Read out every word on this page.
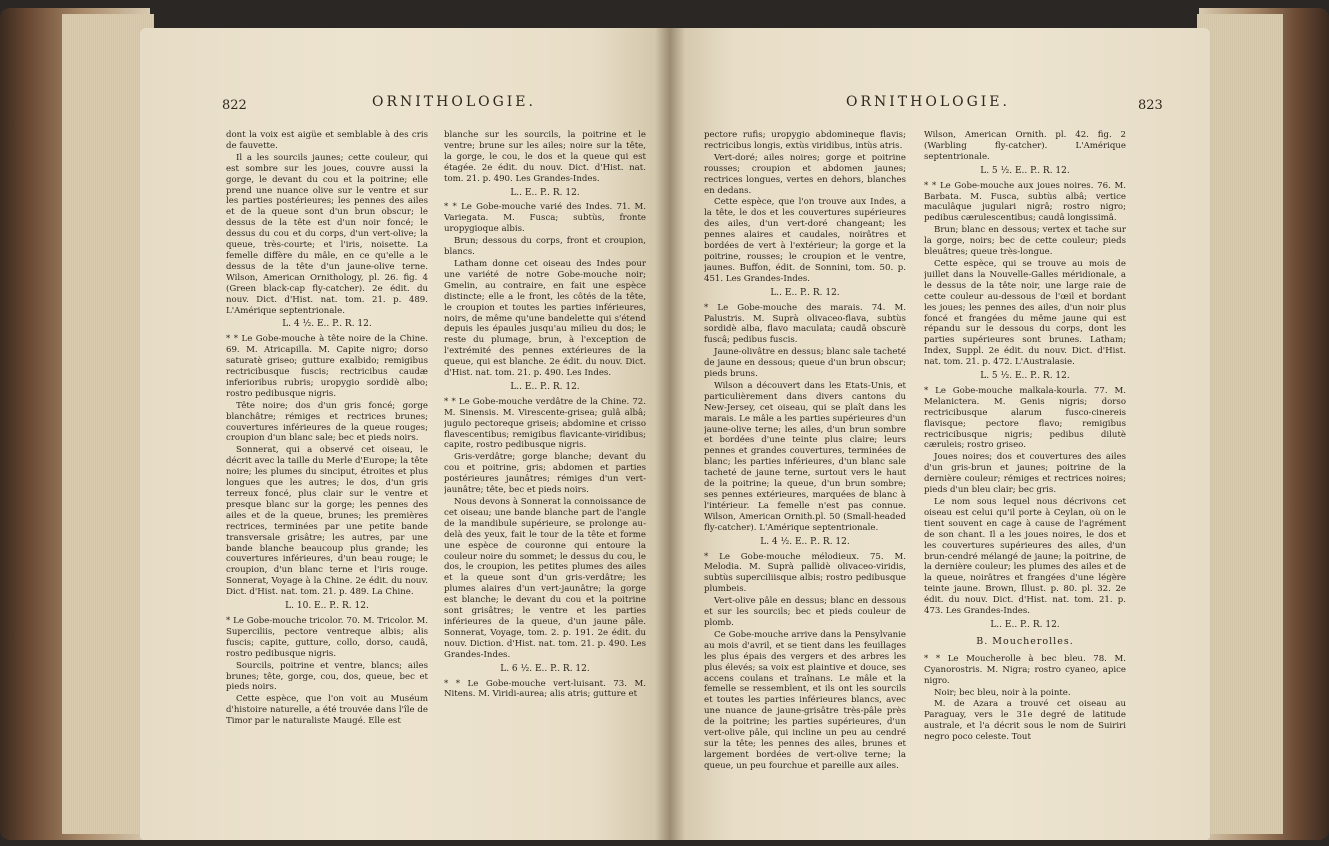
822	ORNITHOLOGIE.

dont la voix est aigüe et semblable à des cris de fauvette.

Il a les sourcils jaunes; cette couleur, qui est sombre sur les joues, couvre aussi la gorge, le devant du cou et la poitrine; elle prend une nuance olive sur le ventre et sur les parties postérieures; les pennes des ailes et de la queue sont d'un brun obscur; le dessus de la tête est d'un noir foncé; le dessus du cou et du corps, d'un vert-olive; la queue, très-courte; et l'iris, noisette. La femelle diffère du mâle, en ce qu'elle a le dessus de la tête d'un jaune-olive terne. Wilson, American Ornithology, pl. 26. fig. 4 (Green black-cap fly-catcher). 2e édit. du nouv. Dict. d'Hist. nat. tom. 21. p. 489. L'Amérique septentrionale.

L. 4 ½. E.. P.. R. 12.

* * Le Gobe-mouche à tête noire de la Chine. 69. M. Atricapilla. M. Capite nigro; dorso saturatè griseo; gutture exalbido; remigibus rectricibusque fuscis; rectricibus caudæ inferioribus rubris; uropygio sordidè albo; rostro pedibusque nigris.

Tête noire; dos d'un gris foncé; gorge blanchâtre; rémiges et rectrices brunes; couvertures inférieures de la queue rouges; croupion d'un blanc sale; bec et pieds noirs.

Sonnerat, qui a observé cet oiseau, le décrit avec la taille du Merle d'Europe; la tête noire; les plumes du sinciput, étroites et plus longues que les autres; le dos, d'un gris terreux foncé, plus clair sur le ventre et presque blanc sur la gorge; les pennes des ailes et de la queue, brunes; les premières rectrices, terminées par une petite bande transversale grisâtre; les autres, par une bande blanche beaucoup plus grande; les couvertures inférieures, d'un beau rouge; le croupion, d'un blanc terne et l'iris rouge. Sonnerat, Voyage à la Chine. 2e édit. du nouv. Dict. d'Hist. nat. tom. 21. p. 489. La Chine.

L. 10. E.. P.. R. 12.

* Le Gobe-mouche tricolor. 70. M. Tricolor. M. Superciliis, pectore ventreque albis; alis fuscis; capite, gutture, collo, dorso, caudâ, rostro pedibusque nigris.

Sourcils, poitrine et ventre, blancs; ailes brunes; tête, gorge, cou, dos, queue, bec et pieds noirs.

Cette espèce, que l'on voit au Muséum d'histoire naturelle, a été trouvée dans l'île de Timor par le naturaliste Maugé. Elle est

blanche sur les sourcils, la poitrine et le ventre; brune sur les ailes; noire sur la tête, la gorge, le cou, le dos et la queue qui est étagée. 2e édit. du nouv. Dict. d'Hist. nat. tom. 21. p. 490. Les Grandes-Indes.

L.. E.. P.. R. 12.

* * Le Gobe-mouche varié des Indes. 71. M. Variegata. M. Fusca; subtùs, fronte uropygioque albis.

Brun; dessous du corps, front et croupion, blancs.

Latham donne cet oiseau des Indes pour une variété de notre Gobe-mouche noir; Gmelin, au contraire, en fait une espèce distincte; elle a le front, les côtés de la tête, le croupion et toutes les parties inférieures, noirs, de même qu'une bandelette qui s'étend depuis les épaules jusqu'au milieu du dos; le reste du plumage, brun, à l'exception de l'extrémité des pennes extérieures de la queue, qui est blanche. 2e édit. du nouv. Dict. d'Hist. nat. tom. 21. p. 490. Les Indes.

L.. E.. P.. R. 12.

* * Le Gobe-mouche verdâtre de la Chine. 72. M. Sinensis. M. Virescente-grisea; gulâ albâ; jugulo pectoreque griseis; abdomine et crisso flavescentibus; remigibus flavicante-viridibus; capite, rostro pedibusque nigris.

Gris-verdâtre; gorge blanche; devant du cou et poitrine, gris; abdomen et parties postérieures jaunâtres; rémiges d'un vert-jaunâtre; tête, bec et pieds noirs.

Nous devons à Sonnerat la connoissance de cet oiseau; une bande blanche part de l'angle de la mandibule supérieure, se prolonge au-delà des yeux, fait le tour de la tête et forme une espèce de couronne qui entoure la couleur noire du sommet; le dessus du cou, le dos, le croupion, les petites plumes des ailes et la queue sont d'un gris-verdâtre; les plumes alaires d'un vert-jaunâtre; la gorge est blanche; le devant du cou et la poitrine sont grisâtres; le ventre et les parties inférieures de la queue, d'un jaune pâle. Sonnerat, Voyage, tom. 2. p. 191. 2e édit. du nouv. Diction. d'Hist. nat. tom. 21. p. 490. Les Grandes-Indes.

L. 6 ½. E.. P.. R. 12.

* * Le Gobe-mouche vert-luisant. 73. M. Nitens. M. Viridi-aurea; alis atris; gutture et

ORNITHOLOGIE.	823

pectore rufis; uropygio abdomineque flavis; rectricibus longis, extùs viridibus, intùs atris.

Vert-doré; ailes noires; gorge et poitrine rousses; croupion et abdomen jaunes; rectrices longues, vertes en dehors, blanches en dedans.

Cette espèce, que l'on trouve aux Indes, a la tête, le dos et les couvertures supérieures des ailes, d'un vert-doré changeant; les pennes alaires et caudales, noirâtres et bordées de vert à l'extérieur; la gorge et la poitrine, rousses; le croupion et le ventre, jaunes. Buffon, édit. de Sonnini, tom. 50. p. 451. Les Grandes-Indes.

L.. E.. P.. R. 12.

* Le Gobe-mouche des marais. 74. M. Palustris. M. Suprà olivaceo-flava, subtùs sordidè alba, flavo maculata; caudâ obscurè fuscâ; pedibus fuscis.

Jaune-olivâtre en dessus; blanc sale tacheté de jaune en dessous; queue d'un brun obscur; pieds bruns.

Wilson a découvert dans les Etats-Unis, et particulièrement dans divers cantons du New-Jersey, cet oiseau, qui se plaît dans les marais. Le mâle a les parties supérieures d'un jaune-olive terne; les ailes, d'un brun sombre et bordées d'une teinte plus claire; leurs pennes et grandes couvertures, terminées de blanc; les parties inférieures, d'un blanc sale tacheté de jaune terne, surtout vers le haut de la poitrine; la queue, d'un brun sombre; ses pennes extérieures, marquées de blanc à l'intérieur. La femelle n'est pas connue. Wilson, American Ornith.pl. 50 (Small-headed fly-catcher). L'Amérique septentrionale.

L. 4 ½. E.. P.. R. 12.

* Le Gobe-mouche mélodieux. 75. M. Melodia. M. Suprà pallidè olivaceo-viridis, subtùs superciliisque albis; rostro pedibusque plumbeis.

Vert-olive pâle en dessus; blanc en dessous et sur les sourcils; bec et pieds couleur de plomb.

Ce Gobe-mouche arrive dans la Pensylvanie au mois d'avril, et se tient dans les feuillages les plus épais des vergers et des arbres les plus élevés; sa voix est plaintive et douce, ses accens coulans et traînans. Le mâle et la femelle se ressemblent, et ils ont les sourcils et toutes les parties inférieures blancs, avec une nuance de jaune-grisâtre très-pâle près de la poitrine; les parties supérieures, d'un vert-olive pâle, qui incline un peu au cendré sur la tête; les pennes des ailes, brunes et largement bordées de vert-olive terne; la queue, un peu fourchue et pareille aux ailes.

Wilson, American Ornith. pl. 42. fig. 2 (Warbling fly-catcher). L'Amérique septentrionale.

L. 5 ½. E.. P.. R. 12.

* * Le Gobe-mouche aux joues noires. 76. M. Barbata. M. Fusca, subtùs albâ; vertice maculâque jugulari nigrâ; rostro nigro; pedibus cærulescentibus; caudâ longissimâ.

Brun; blanc en dessous; vertex et tache sur la gorge, noirs; bec de cette couleur; pieds bleuâtres; queue très-longue.

Cette espèce, qui se trouve au mois de juillet dans la Nouvelle-Galles méridionale, a le dessus de la tête noir, une large raie de cette couleur au-dessous de l'œil et bordant les joues; les pennes des ailes, d'un noir plus foncé et frangées du même jaune qui est répandu sur le dessous du corps, dont les parties supérieures sont brunes. Latham; Index, Suppl. 2e édit. du nouv. Dict. d'Hist. nat. tom. 21. p. 472. L'Australasie.

L. 5 ½. E.. P.. R. 12.

* Le Gobe-mouche malkala-kourla. 77. M. Melanictera. M. Genis nigris; dorso rectricibusque alarum fusco-cinereis flavisque; pectore flavo; remigibus rectricibusque nigris; pedibus dilutè cæruleis; rostro griseo.

Joues noires; dos et couvertures des ailes d'un gris-brun et jaunes; poitrine de la dernière couleur; rémiges et rectrices noires; pieds d'un bleu clair; bec gris.

Le nom sous lequel nous décrivons cet oiseau est celui qu'il porte à Ceylan, où on le tient souvent en cage à cause de l'agrément de son chant. Il a les joues noires, le dos et les couvertures supérieures des ailes, d'un brun-cendré mélangé de jaune; la poitrine, de la dernière couleur; les plumes des ailes et de la queue, noirâtres et frangées d'une légère teinte jaune. Brown, Illust. p. 80. pl. 32. 2e édit. du nouv. Dict. d'Hist. nat. tom. 21. p. 473. Les Grandes-Indes.

L.. E.. P.. R. 12.

B. Moucherolles.

* * Le Moucherolle à bec bleu. 78. M. Cyanorostris. M. Nigra; rostro cyaneo, apice nigro.

Noir; bec bleu, noir à la pointe.

M. de Azara a trouvé cet oiseau au Paraguay, vers le 31e degré de latitude australe, et l'a décrit sous le nom de Suiriri negro poco celeste. Tout
